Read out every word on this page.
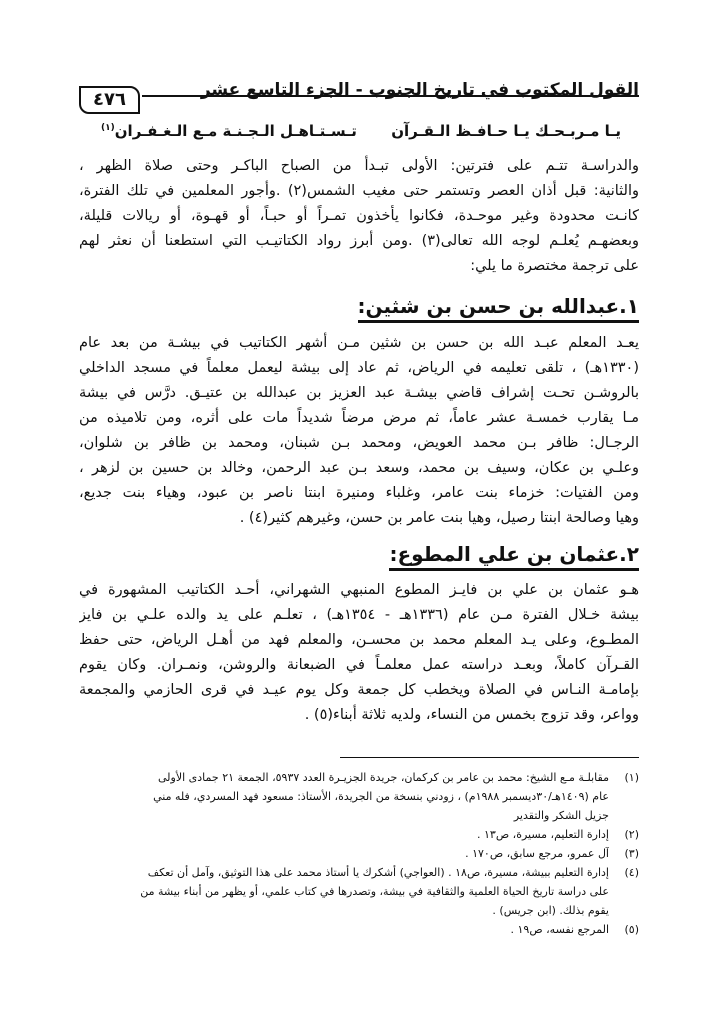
القول المكتوب في تاريخ الجنوب - الجزء التاسع عشر
٤٧٦
يـا مـربـحـك يـا حـافـظ الـقـرآن
تـسـتـاهـل الـجـنـة مـع الـغـفـران$^{(١)}$
والدراسـة تتـم على فترتين: الأولى تبـدأ من الصباح الباكـر وحتى صلاة الظهر ،
والثانية: قبل أذان العصر وتستمر حتى مغيب الشمس(٢) .وأجور المعلمين في تلك الفترة،
كانـت محدودة وغير موحـدة، فكانوا يأخذون تمـراً أو حبـاً، أو قهـوة، أو ريالات قليلة،
وبعضهـم يُعلـم لوجه الله تعالى(٣) .ومن أبرز رواد الكتاتيـب التي استطعنا أن نعثر لهم
على ترجمة مختصرة ما يلي:
١.عبدالله بن حسن بن شثين:
يعـد المعلم عبـد الله بن حسن بن شثين مـن أشهر الكتاتيب في بيشـة من بعد عام
(١٣٣٠هـ) ، تلقى تعليمه في الرياض، ثم عاد إلى بيشة ليعمل معلماً في مسجد الداخلي
بالروشـن تحـت إشراف قاضي بيشـة عبد العزيز بن عبدالله بن عتيـق. درَّس في بيشة
مـا يقارب خمسـة عشر عاماً، ثم مرض مرضاً شديداً مات على أثره، ومن تلاميذه من
الرجـال: ظافر بـن محمد العويض، ومحمد بـن شبنان، ومحمد بن ظافر بن شلوان،
وعلـي بن عكان، وسيف بن محمد، وسعد بـن عبد الرحمن، وخالد بن حسين بن لزهر ،
ومن الفتيات: خزماء بنت عامر، وغلباء ومنيرة ابنتا ناصر بن عبود، وهياء بنت جديع،
وهيا وصالحة ابنتا رصيل، وهيا بنت عامر بن حسن، وغيرهم كثير(٤) .
٢.عثمان بن علي المطوع:
هـو عثمان بن علي بن فايـز المطوع المنبهي الشهراني، أحـد الكتاتيب المشهورة في
بيشة خـلال الفترة مـن عام (١٣٣٦هـ - ١٣٥٤هـ) ، تعلـم على يد والده علـي بن فايز
المطـوع، وعلى يـد المعلم محمد بن محسـن، والمعلم فهد من أهـل الرياض، حتى حفظ
القـرآن كاملاً، وبعـد دراسته عمل معلمـاً في الضبعانة والروشن، ونمـران. وكان يقوم
بإمامـة النـاس في الصلاة ويخطب كل جمعة وكل يوم عيـد في قرى الحازمي والمجمعة
وواعر، وقد تزوج بخمس من النساء، ولديه ثلاثة أبناء(٥) .
(١)
مقابلـة مـع الشيخ: محمد بن عامر بن كركمان، جريدة الجزيـرة العدد ٥٩٣٧، الجمعة ٢١ جمادى الأولى
عام (١٤٠٩هـ/٣٠ديسمبر ١٩٨٨م) ، زودني بنسخة من الجريدة، الأستاذ: مسعود فهد المسردي، فله مني
جزيل الشكر والتقدير
(٢)
إدارة التعليم، مسيرة، ص١٣ .
(٣)
آل عمرو، مرجع سابق، ص١٧٠ .
(٤)
إدارة التعليم ببيشة، مسيرة، ص١٨ . (العواجي) أشكرك يا أستاذ محمد على هذا التوثيق، وآمل أن تعكف
على دراسة تاريخ الحياة العلمية والثقافية في بيشة، وتصدرها في كتاب علمي، أو يظهر من أبناء بيشة من
يقوم بذلك. (ابن جريس) .
(٥)
المرجع نفسه، ص١٩ .
